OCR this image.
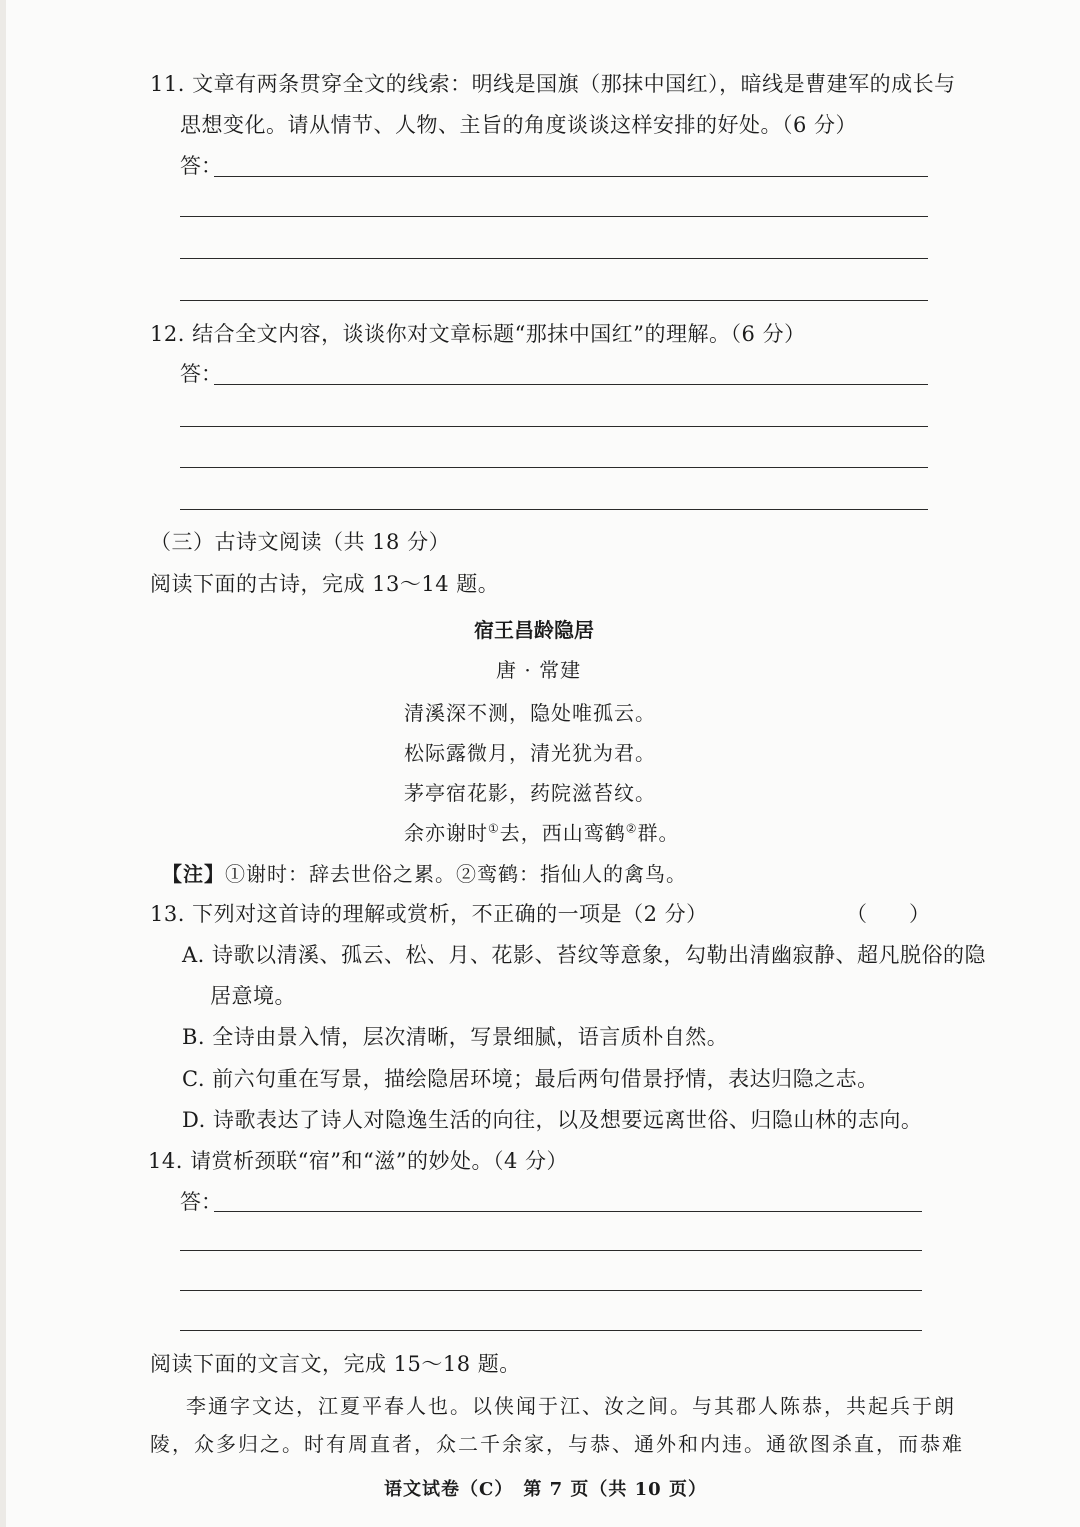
11. 文章有两条贯穿全文的线索：明线是国旗（那抹中国红），暗线是曹建军的成长与
思想变化。请从情节、人物、主旨的角度谈谈这样安排的好处。（6 分）
答：
12. 结合全文内容，谈谈你对文章标题“那抹中国红”的理解。（6 分）
答：
（三）古诗文阅读（共 18 分）
阅读下面的古诗，完成 13～14 题。
宿王昌龄隐居
唐 · 常建
清溪深不测，隐处唯孤云。
松际露微月，清光犹为君。
茅亭宿花影，药院滋苔纹。
余亦谢时①去，西山鸾鹤②群。
【注】①谢时：辞去世俗之累。②鸾鹤：指仙人的禽鸟。
13. 下列对这首诗的理解或赏析，不正确的一项是（2 分）	（　　）
A. 诗歌以清溪、孤云、松、月、花影、苔纹等意象，勾勒出清幽寂静、超凡脱俗的隐
居意境。
B. 全诗由景入情，层次清晰，写景细腻，语言质朴自然。
C. 前六句重在写景，描绘隐居环境；最后两句借景抒情，表达归隐之志。
D. 诗歌表达了诗人对隐逸生活的向往，以及想要远离世俗、归隐山林的志向。
14. 请赏析颈联“宿”和“滋”的妙处。（4 分）
答：
阅读下面的文言文，完成 15～18 题。
李通字文达，江夏平春人也。以侠闻于江、汝之间。与其郡人陈恭，共起兵于朗
陵，众多归之。时有周直者，众二千余家，与恭、通外和内违。通欲图杀直，而恭难
语文试卷（C）　第 7 页（共 10 页）
